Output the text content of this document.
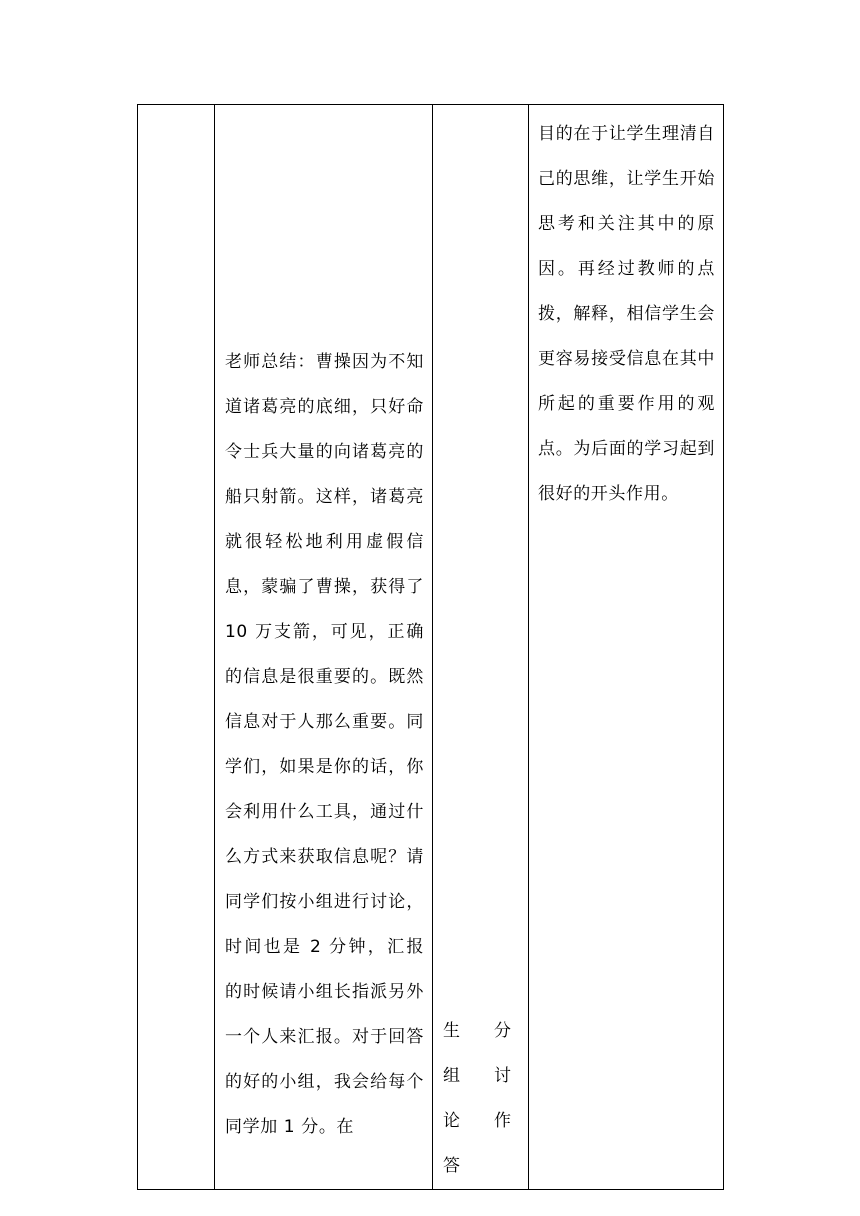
老师总结：曹操因为不知道诸葛亮的底细，只好命令士兵大量的向诸葛亮的船只射箭。这样，诸葛亮就很轻松地利用虚假信息，蒙骗了曹操，获得了 10 万支箭，可见，正确的信息是很重要的。既然信息对于人那么重要。同学们，如果是你的话，你会利用什么工具，通过什么方式来获取信息呢？请同学们按小组进行讨论，时间也是 2 分钟，汇报的时候请小组长指派另外一个人来汇报。对于回答的好的小组，我会给每个同学加 1 分。在

生分组讨论作答

目的在于让学生理清自己的思维，让学生开始思考和关注其中的原因。再经过教师的点拨，解释，相信学生会更容易接受信息在其中所起的重要作用的观点。为后面的学习起到很好的开头作用。
